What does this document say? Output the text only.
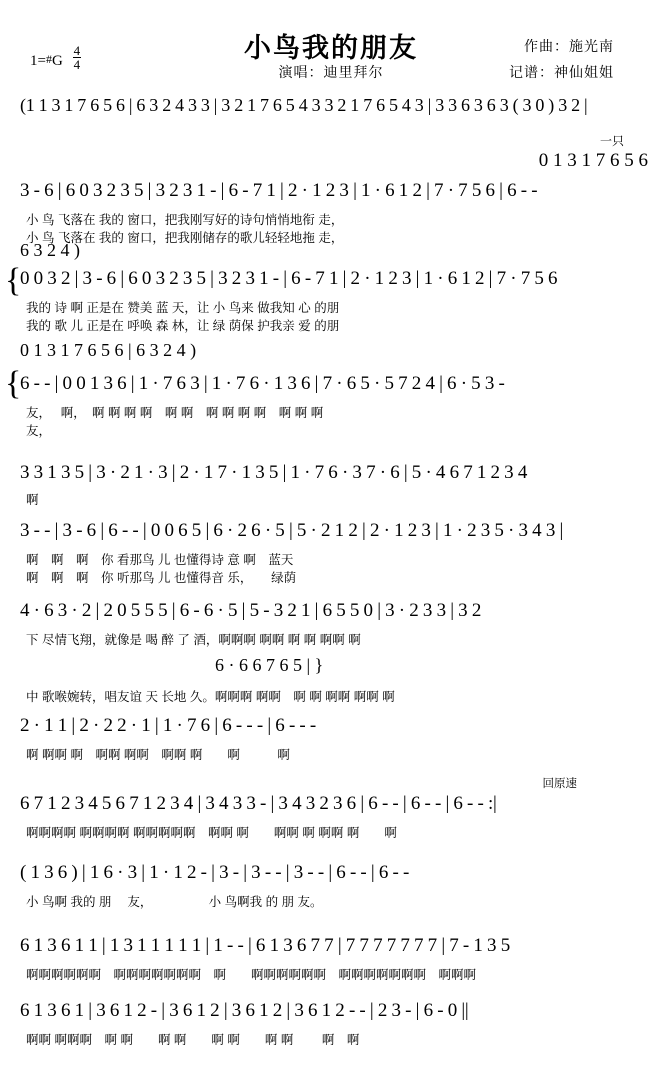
1=#G $\frac{4}{4}$	小鸟我的朋友
演唱：迪里拜尔
作曲：施光南
记谱：神仙姐姐
(1 1 3 1 7 6 5 6 | 6 3 2 4 3 3 | 3 2 1 7 6 5 4 3 3 2 1 7 6 5 4 3 | 3 3 6 3 6 3 ( 3 0 ) 3 2 |
一只
0 1 3 1 7 6 5 6
3 - 6 | 6 0 3 2 3 5 | 3 2 3 1 - | 6 - 7 1 | 2 · 1 2 3 | 1 · 6 1 2 | 7 · 7 5 6 | 6 - -
小 鸟 飞落在 我的 窗口，把我刚写好的诗句悄悄地衔 走，
小 鸟 飞落在 我的 窗口，把我刚储存的歌儿轻轻地拖 走，
6 3 2 4 )
{
0 0 3 2 | 3 - 6 | 6 0 3 2 3 5 | 3 2 3 1 - | 6 - 7 1 | 2 · 1 2 3 | 1 · 6 1 2 | 7 · 7 5 6
我的 诗 啊 正是在 赞美 蓝 天，让 小 鸟来 做我知 心 的朋
我的 歌 儿 正是在 呼唤 森 林，让 绿 荫保 护我亲 爱 的朋
0 1 3 1 7 6 5 6 | 6 3 2 4 )
{
6 - - | 0 0 1 3 6 | 1 · 7 6 3 | 1 · 7 6 · 1 3 6 | 7 · 6 5 · 5 7 2 4 | 6 · 5 3 -
友，　 啊，　啊 啊 啊 啊　啊 啊　啊 啊 啊 啊　啊 啊 啊
友，
3 3 1 3 5 | 3 · 2 1 · 3 | 2 · 1 7 · 1 3 5 | 1 · 7 6 · 3 7 · 6 | 5 · 4 6 7 1 2 3 4
啊
3 - - | 3 - 6 | 6 - - | 0 0 6 5 | 6 · 2 6 · 5 | 5 · 2 1 2 | 2 · 1 2 3 | 1 · 2 3 5 · 3 4 3 |
啊　啊　啊　你 看那鸟 儿 也懂得诗 意 啊　蓝天
啊　啊　啊　你 听那鸟 儿 也懂得音 乐，　　绿荫
4 · 6 3 · 2 | 2 0 5 5 5 | 6 - 6 · 5 | 5 - 3 2 1 | 6 5 5 0 | 3 · 2 3 3 | 3 2
下 尽情飞翔，就像是 喝 醉 了 酒，啊啊啊 啊啊 啊 啊 啊啊 啊
6 · 6 6 7 6 5 | }
中 歌喉婉转，唱友谊 天 长地 久。啊啊啊 啊啊　啊 啊 啊啊 啊啊 啊
2 · 1 1 | 2 · 2 2 · 1 | 1 · 7 6 | 6 - - - | 6 - - -
啊 啊啊 啊　啊啊 啊啊　啊啊 啊　　啊　　　啊
回原速
6 7 1 2 3 4 5 6 7 1 2 3 4 | 3 4 3 3 - | 3 4 3 2 3 6 | 6 - - | 6 - - | 6 - - :|
啊啊啊啊 啊啊啊啊 啊啊啊啊啊　啊啊 啊　　啊啊 啊 啊啊 啊　　啊
( 1 3 6 ) | 1 6 · 3 | 1 · 1 2 - | 3 - | 3 - - | 3 - - | 6 - - | 6 - -
小 鸟啊 我的 朋　 友，　　　　　小 鸟啊我 的 朋 友。
6 1 3 6 1 1 | 1 3 1 1 1 1 1 | 1 - - | 6 1 3 6 7 7 | 7 7 7 7 7 7 7 | 7 - 1 3 5
啊啊啊啊啊啊　啊啊啊啊啊啊啊　啊　　啊啊啊啊啊啊　啊啊啊啊啊啊啊　啊啊啊
6 1 3 6 1 | 3 6 1 2 - | 3 6 1 2 | 3 6 1 2 | 3 6 1 2 - - | 2 3 - | 6 - 0 ||
啊啊 啊啊啊　啊 啊　　啊 啊　　啊 啊　　啊 啊 　　啊　啊
